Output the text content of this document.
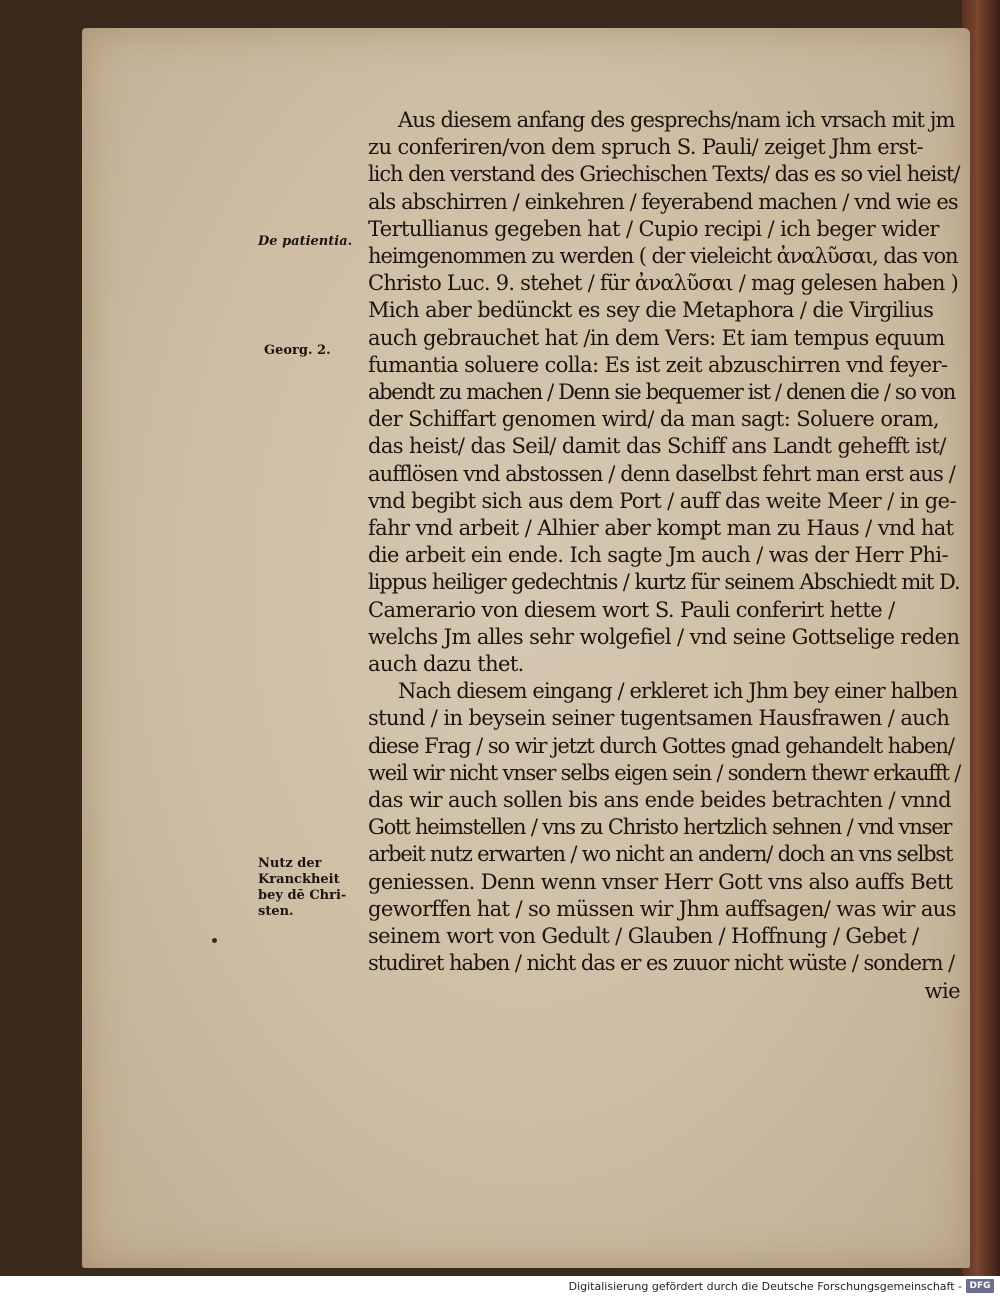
De patientia.
Georg. 2.
Nutz der
Kranckheit
bey dē Chri-
sten.
Aus diesem anfang des gesprechs/nam ich vrsach mit jm
zu conferiren/von dem spruch S. Pauli/ zeiget Jhm erst-
lich den verstand des Griechischen Texts/ das es so viel heist/
als abschirren / einkehren / feyerabend machen / vnd wie es
Tertullianus gegeben hat / Cupio recipi / ich beger wider
heimgenommen zu werden ( der vieleicht ἀναλῦσαι, das von
Christo Luc. 9. stehet / für ἀναλῦσαι / mag gelesen haben )
Mich aber bedünckt es sey die Metaphora / die Virgilius
auch gebrauchet hat /in dem Vers: Et iam tempus equum
fumantia soluere colla: Es ist zeit abzuschirren vnd feyer-
abendt zu machen / Denn sie bequemer ist / denen die / so von
der Schiffart genomen wird/ da man sagt: Soluere oram,
das heist/ das Seil/ damit das Schiff ans Landt gehefft ist/
aufflösen vnd abstossen / denn daselbst fehrt man erst aus /
vnd begibt sich aus dem Port / auff das weite Meer / in ge-
fahr vnd arbeit / Alhier aber kompt man zu Haus / vnd hat
die arbeit ein ende. Ich sagte Jm auch / was der Herr Phi-
lippus heiliger gedechtnis / kurtz für seinem Abschiedt mit D.
Camerario von diesem wort S. Pauli conferirt hette /
welchs Jm alles sehr wolgefiel / vnd seine Gottselige reden
auch dazu thet.
Nach diesem eingang / erkleret ich Jhm bey einer halben
stund / in beysein seiner tugentsamen Hausfrawen / auch
diese Frag / so wir jetzt durch Gottes gnad gehandelt haben/
weil wir nicht vnser selbs eigen sein / sondern thewr erkaufft /
das wir auch sollen bis ans ende beides betrachten / vnnd
Gott heimstellen / vns zu Christo hertzlich sehnen / vnd vnser
arbeit nutz erwarten / wo nicht an andern/ doch an vns selbst
geniessen. Denn wenn vnser Herr Gott vns also auffs Bett
geworffen hat / so müssen wir Jhm auffsagen/ was wir aus
seinem wort von Gedult / Glauben / Hoffnung / Gebet /
studiret haben / nicht das er es zuuor nicht wüste / sondern /
wie
Digitalisierung gefördert durch die Deutsche Forschungsgemeinschaft - DFG
